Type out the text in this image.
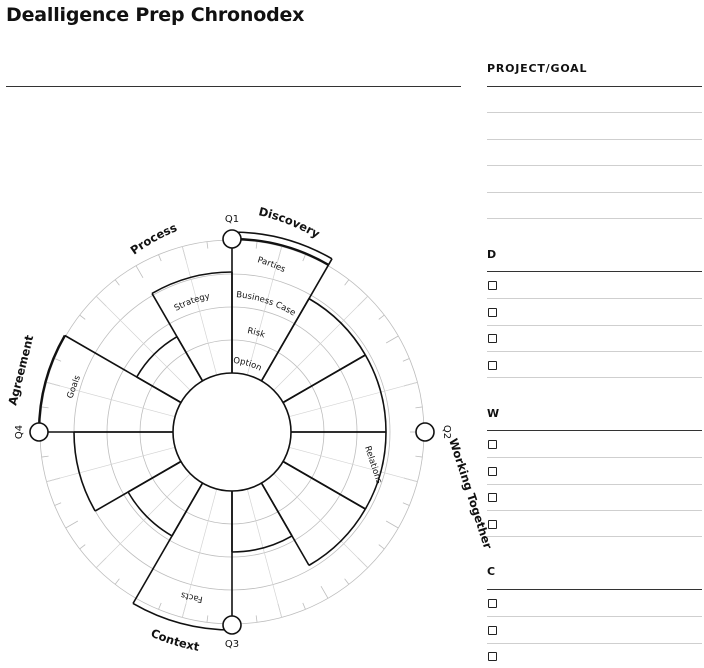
Dealligence Prep Chronodex
PROJECT/GOAL
D
W
C
Process
Discovery
Context
Working Together
Agreement
Q1
Q2
Q3
Q4
Parties
Business Case
Risk
Option
Strategy
Facts
Goals
Relations
